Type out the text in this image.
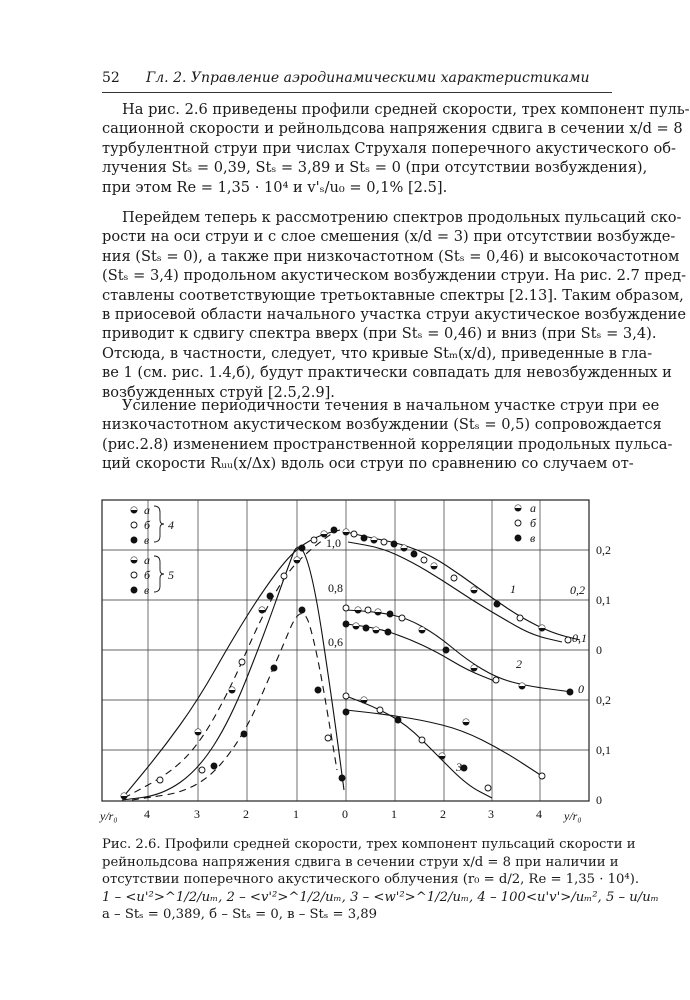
52 Гл. 2. Управление аэродинамическими характеристиками

На рис. 2.6 приведены профили средней скорости, трех компонент пуль-
сационной скорости и рейнольдсова напряжения сдвига в сечении x/d = 8
турбулентной струи при числах Струхаля поперечного акустического об-
лучения Stₛ = 0,39, Stₛ = 3,89 и Stₛ = 0 (при отсутствии возбуждения),
при этом Re = 1,35 · 10⁴ и v'ₛ/u₀ = 0,1% [2.5].

Перейдем теперь к рассмотрению спектров продольных пульсаций ско-
рости на оси струи и с слое смешения (x/d = 3) при отсутствии возбужде-
ния (Stₛ = 0), а также при низкочастотном (Stₛ = 0,46) и высокочастотном
(Stₛ = 3,4) продольном акустическом возбуждении струи. На рис. 2.7 пред-
ставлены соответствующие третьоктавные спектры [2.13]. Таким образом,
в приосевой области начального участка струи акустическое возбуждение
приводит к сдвигу спектра вверх (при Stₛ = 0,46) и вниз (при Stₛ = 3,4).
Отсюда, в частности, следует, что кривые Stₘ(x/d), приведенные в гла-
ве 1 (см. рис. 1.4,б), будут практически совпадать для невозбужденных и
возбужденных струй [2.5,2.9].

Усиление периодичности течения в начальном участке струи при ее
низкочастотном акустическом возбуждении (Stₛ = 0,5) сопровождается
(рис.2.8) изменением пространственной корреляции продольных пульса-
ций скорости Rᵤᵤ(x/Δx) вдоль оси струи по сравнению со случаем от-

а
б
в
4
а
б
в
5
а
б
в
1,0
0,8
0,6
1
2
3
0,2
0,1
0
0,2
0,1
0
0,2
0,1
0
y/r₀ 4	3	2	1	0	1	2	3	4 y/r₀

Рис. 2.6. Профили средней скорости, трех компонент пульсаций скорости и
рейнольдсова напряжения сдвига в сечении струи x/d = 8 при наличии и
отсутствии поперечного акустического облучения (r₀ = d/2, Re = 1,35 · 10⁴).
1 – <u'²>^1/2/uₘ, 2 – <v'²>^1/2/uₘ, 3 – <w'²>^1/2/uₘ, 4 – 100<u'v'>/uₘ², 5 – u/uₘ
а – Stₛ = 0,389, б – Stₛ = 0, в – Stₛ = 3,89
